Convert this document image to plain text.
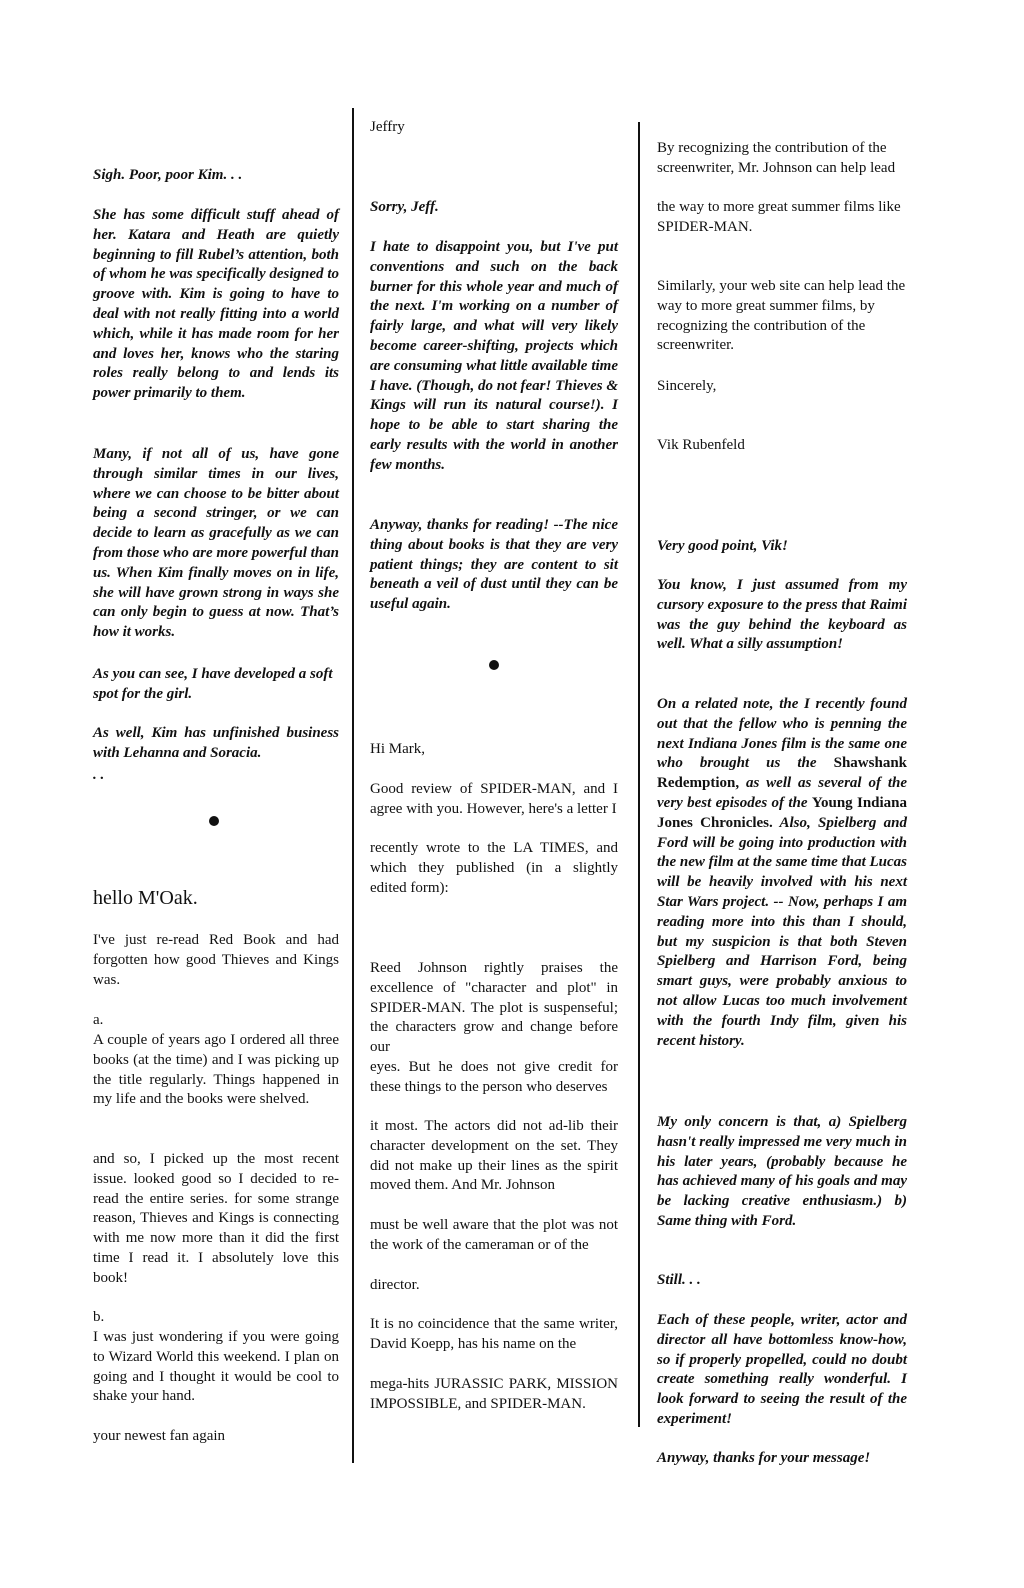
Sigh. Poor, poor Kim. . .

She has some difficult stuff ahead of her. Katara and Heath are quietly beginning to fill Rubel’s attention, both of whom he was specifically designed to groove with. Kim is going to have to deal with not really fitting into a world which, while it has made room for her and loves her, knows who the staring roles really belong to and lends its power primarily to them.

Many, if not all of us, have gone through similar times in our lives, where we can choose to be bitter about being a second stringer, or we can decide to learn as gracefully as we can from those who are more powerful than us. When Kim finally moves on in life, she will have grown strong in ways she can only begin to guess at now. That’s how it works.

As you can see, I have developed a soft spot for the girl.

As well, Kim has unfinished business with Lehanna and Soracia.

. .

hello M'Oak.

I've just re-read Red Book and had forgotten how good Thieves and Kings was.

a.

A couple of years ago I ordered all three books (at the time) and I was picking up the title regularly. Things happened in my life and the books were shelved.

and so, I picked up the most recent issue. looked good so I decided to re-read the entire series. for some strange reason, Thieves and Kings is connecting with me now more than it did the first time I read it. I absolutely love this book!

b.

I was just wondering if you were going to Wizard World this weekend. I plan on going and I thought it would be cool to shake your hand.

your newest fan again

Jeffry

Sorry, Jeff.

I hate to disappoint you, but I've put conventions and such on the back burner for this whole year and much of the next. I'm working on a number of fairly large, and what will very likely become career-shifting, projects which are consuming what little available time I have. (Though, do not fear! Thieves & Kings will run its natural course!). I hope to be able to start sharing the early results with the world in another few months.

Anyway, thanks for reading! --The nice thing about books is that they are very patient things; they are content to sit beneath a veil of dust until they can be useful again.

Hi Mark,

Good review of SPIDER-MAN, and I agree with you. However, here's a letter I

recently wrote to the LA TIMES, and which they published (in a slightly edited form):

Reed Johnson rightly praises the excellence of "character and plot" in SPIDER-MAN. The plot is suspenseful; the characters grow and change before our

eyes. But he does not give credit for these things to the person who deserves

it most. The actors did not ad-lib their character development on the set. They did not make up their lines as the spirit moved them. And Mr. Johnson

must be well aware that the plot was not the work of the cameraman or of the

director.

It is no coincidence that the same writer, David Koepp, has his name on the

mega-hits JURASSIC PARK, MISSION IMPOSSIBLE, and SPIDER-MAN.

By recognizing the contribution of the screenwriter, Mr. Johnson can help lead

the way to more great summer films like SPIDER-MAN.

Similarly, your web site can help lead the way to more great summer films, by recognizing the contribution of the screenwriter.

Sincerely,

Vik Rubenfeld

Very good point, Vik!

You know, I just assumed from my cursory exposure to the press that Raimi was the guy behind the keyboard as well. What a silly assumption!

On a related note, the I recently found out that the fellow who is penning the next Indiana Jones film is the same one who brought us the Shawshank Redemption, as well as several of the very best episodes of the Young Indiana Jones Chronicles. Also, Spielberg and Ford will be going into production with the new film at the same time that Lucas will be heavily involved with his next Star Wars project. -- Now, perhaps I am reading more into this than I should, but my suspicion is that both Steven Spielberg and Harrison Ford, being smart guys, were probably anxious to not allow Lucas too much involvement with the fourth Indy film, given his recent history.

My only concern is that, a) Spielberg hasn't really impressed me very much in his later years, (probably because he has achieved many of his goals and may be lacking creative enthusiasm.) b) Same thing with Ford.

Still. . .

Each of these people, writer, actor and director all have bottomless know-how, so if properly propelled, could no doubt create something really wonderful. I look forward to seeing the result of the experiment!

Anyway, thanks for your message!
